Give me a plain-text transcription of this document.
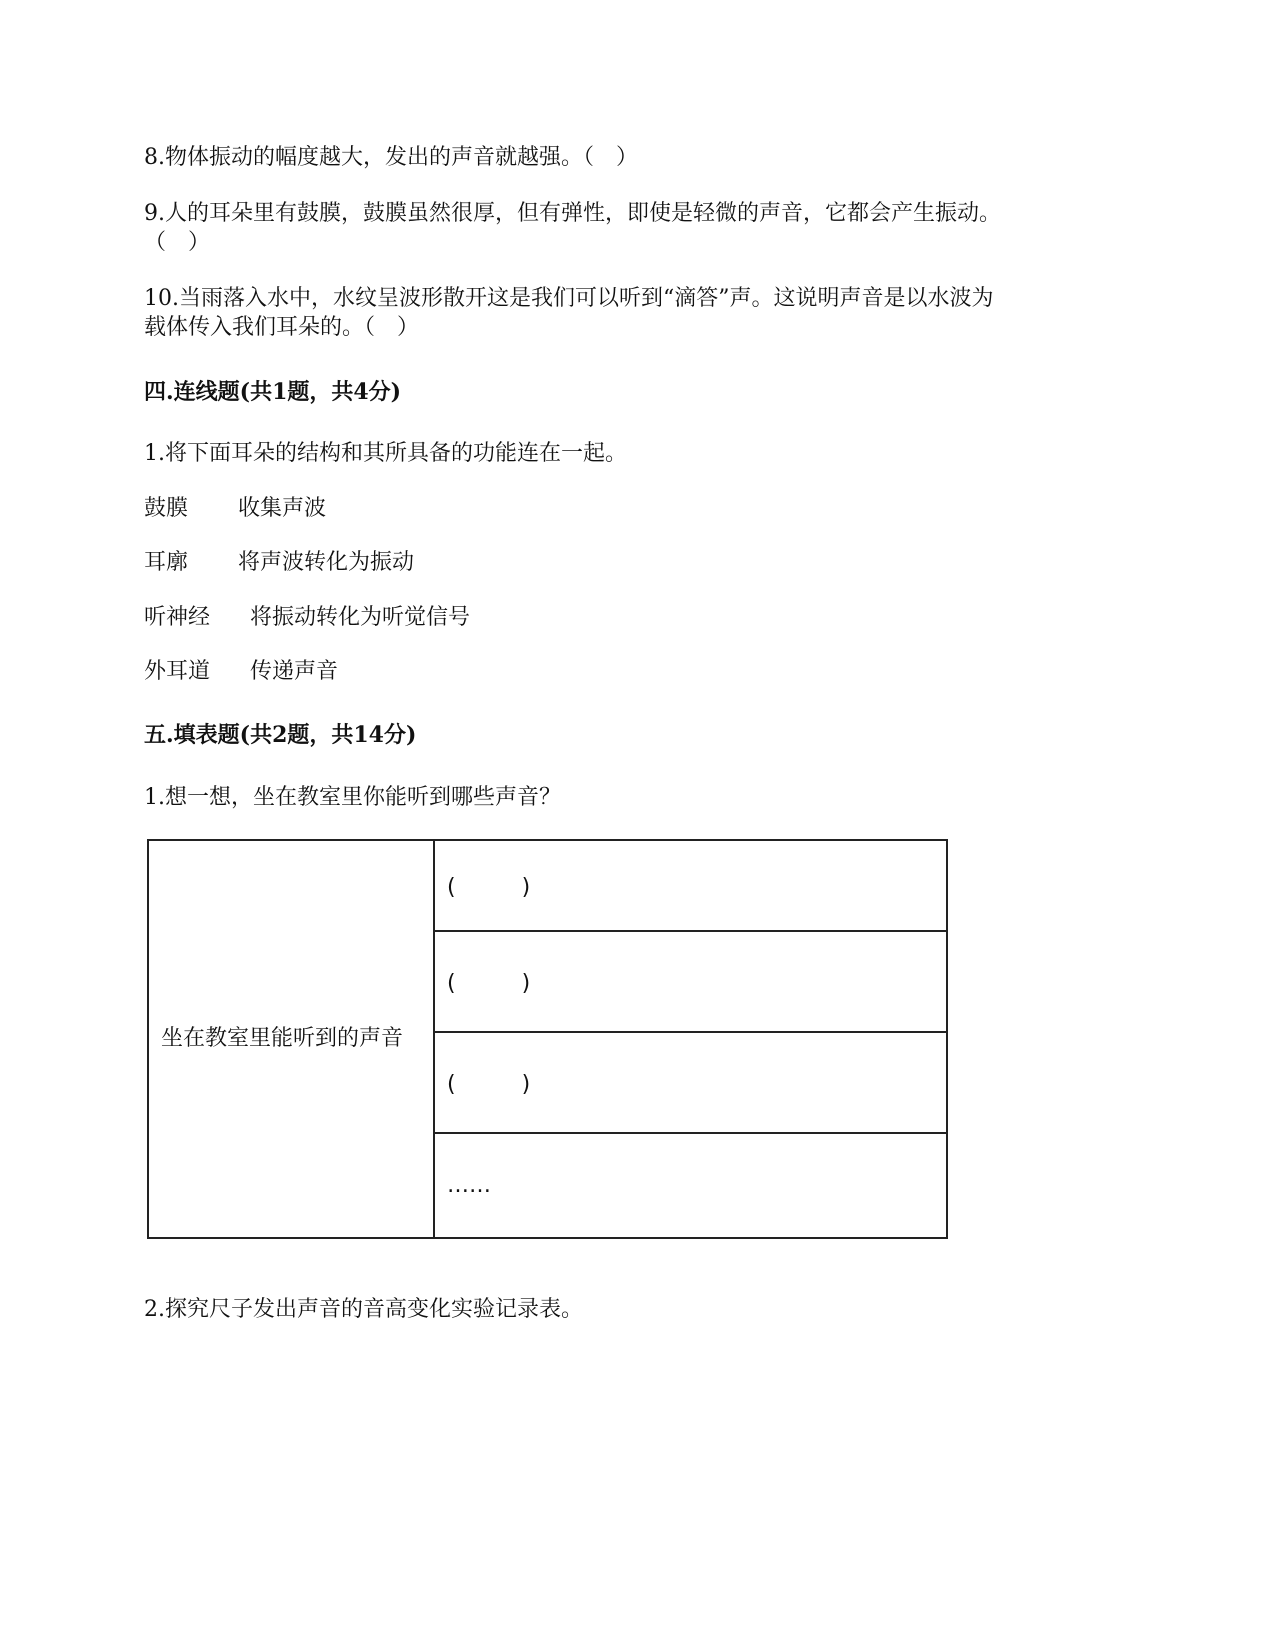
8.物体振动的幅度越大，发出的声音就越强。（　）
9.人的耳朵里有鼓膜，鼓膜虽然很厚，但有弹性，即使是轻微的声音，它都会产生振动。
（　）
10.当雨落入水中，水纹呈波形散开这是我们可以听到“滴答”声。这说明声音是以水波为
载体传入我们耳朵的。（　）
四.连线题(共1题，共4分)
1.将下面耳朵的结构和其所具备的功能连在一起。
鼓膜 收集声波
耳廓 将声波转化为振动
听神经 将振动转化为听觉信号
外耳道 传递声音
五.填表题(共2题，共14分)
1.想一想，坐在教室里你能听到哪些声音？
坐在教室里能听到的声音	(　　　)
(　　　)
(　　　)
……
2.探究尺子发出声音的音高变化实验记录表。
